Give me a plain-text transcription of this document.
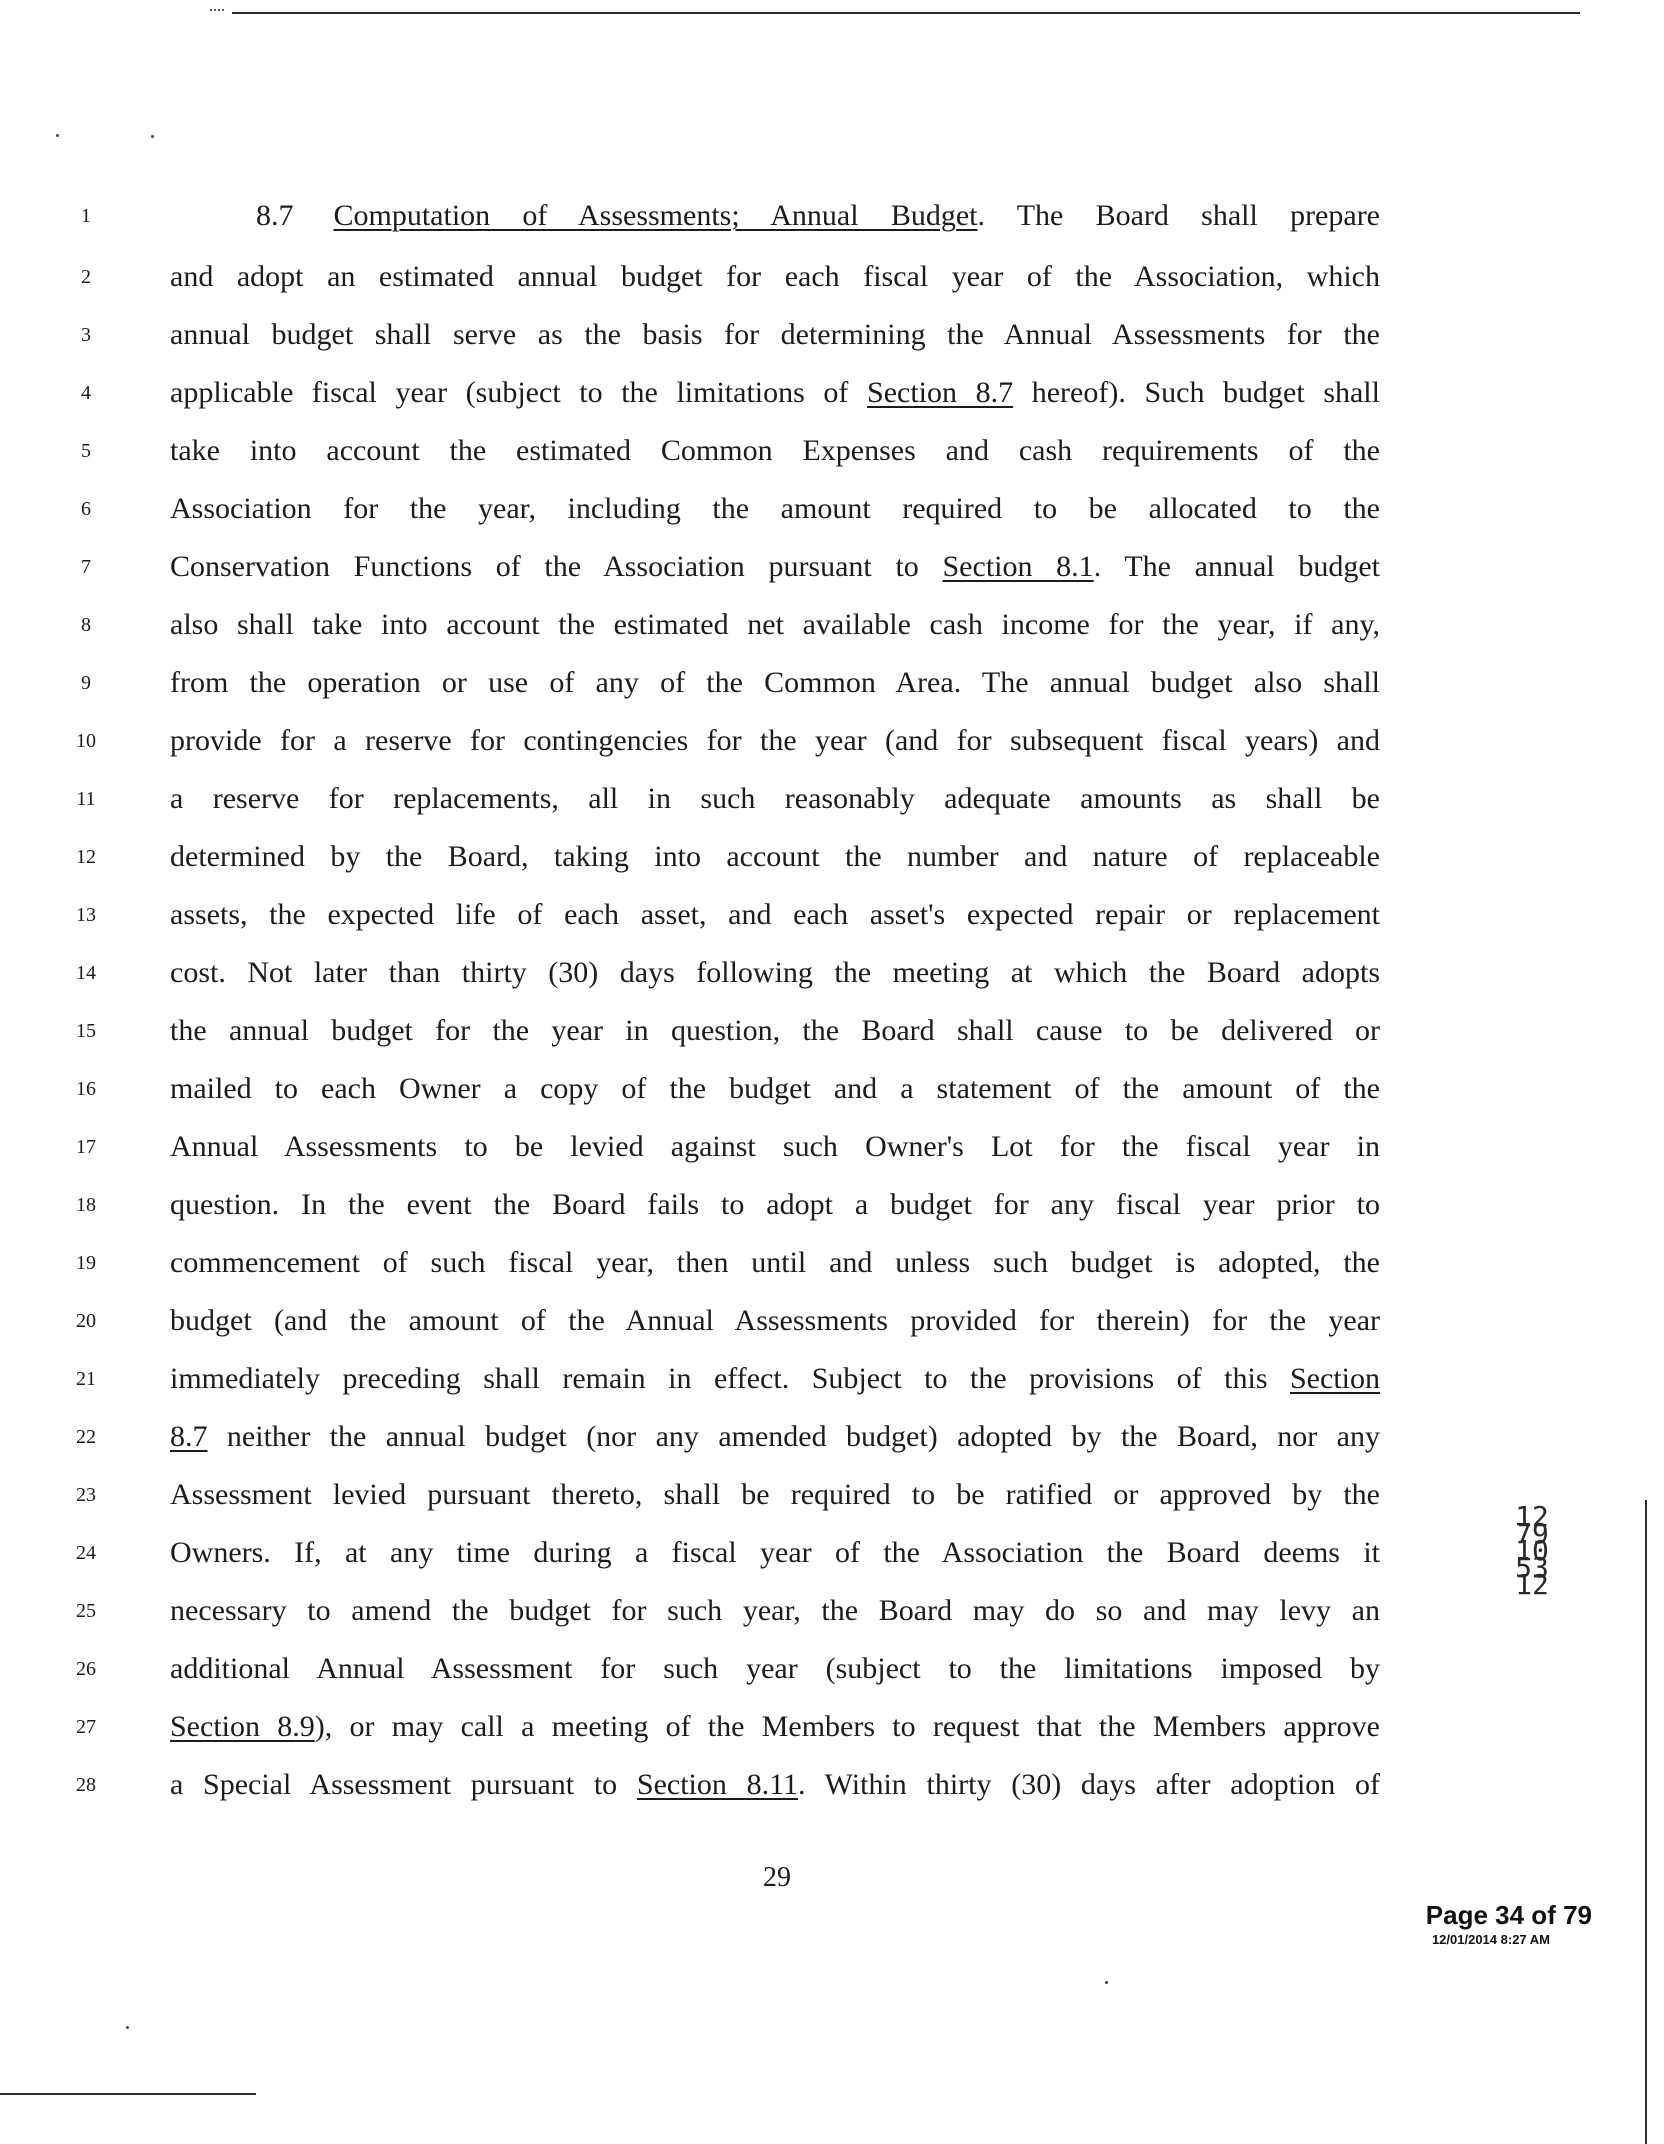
1	8.7 Computation of Assessments; Annual Budget. The Board shall prepare
2	and adopt an estimated annual budget for each fiscal year of the Association, which
3	annual budget shall serve as the basis for determining the Annual Assessments for the
4	applicable fiscal year (subject to the limitations of Section 8.7 hereof). Such budget shall
5	take into account the estimated Common Expenses and cash requirements of the
6	Association for the year, including the amount required to be allocated to the
7	Conservation Functions of the Association pursuant to Section 8.1. The annual budget
8	also shall take into account the estimated net available cash income for the year, if any,
9	from the operation or use of any of the Common Area. The annual budget also shall
10	provide for a reserve for contingencies for the year (and for subsequent fiscal years) and
11	a reserve for replacements, all in such reasonably adequate amounts as shall be
12	determined by the Board, taking into account the number and nature of replaceable
13	assets, the expected life of each asset, and each asset's expected repair or replacement
14	cost. Not later than thirty (30) days following the meeting at which the Board adopts
15	the annual budget for the year in question, the Board shall cause to be delivered or
16	mailed to each Owner a copy of the budget and a statement of the amount of the
17	Annual Assessments to be levied against such Owner's Lot for the fiscal year in
18	question. In the event the Board fails to adopt a budget for any fiscal year prior to
19	commencement of such fiscal year, then until and unless such budget is adopted, the
20	budget (and the amount of the Annual Assessments provided for therein) for the year
21	immediately preceding shall remain in effect. Subject to the provisions of this Section
22	8.7 neither the annual budget (nor any amended budget) adopted by the Board, nor any
23	Assessment levied pursuant thereto, shall be required to be ratified or approved by the
24	Owners. If, at any time during a fiscal year of the Association the Board deems it
25	necessary to amend the budget for such year, the Board may do so and may levy an
26	additional Annual Assessment for such year (subject to the limitations imposed by
27	Section 8.9), or may call a meeting of the Members to request that the Members approve
28	a Special Assessment pursuant to Section 8.11. Within thirty (30) days after adoption of
1279105312
29
Page 34 of 79
12/01/2014 8:27 AM
